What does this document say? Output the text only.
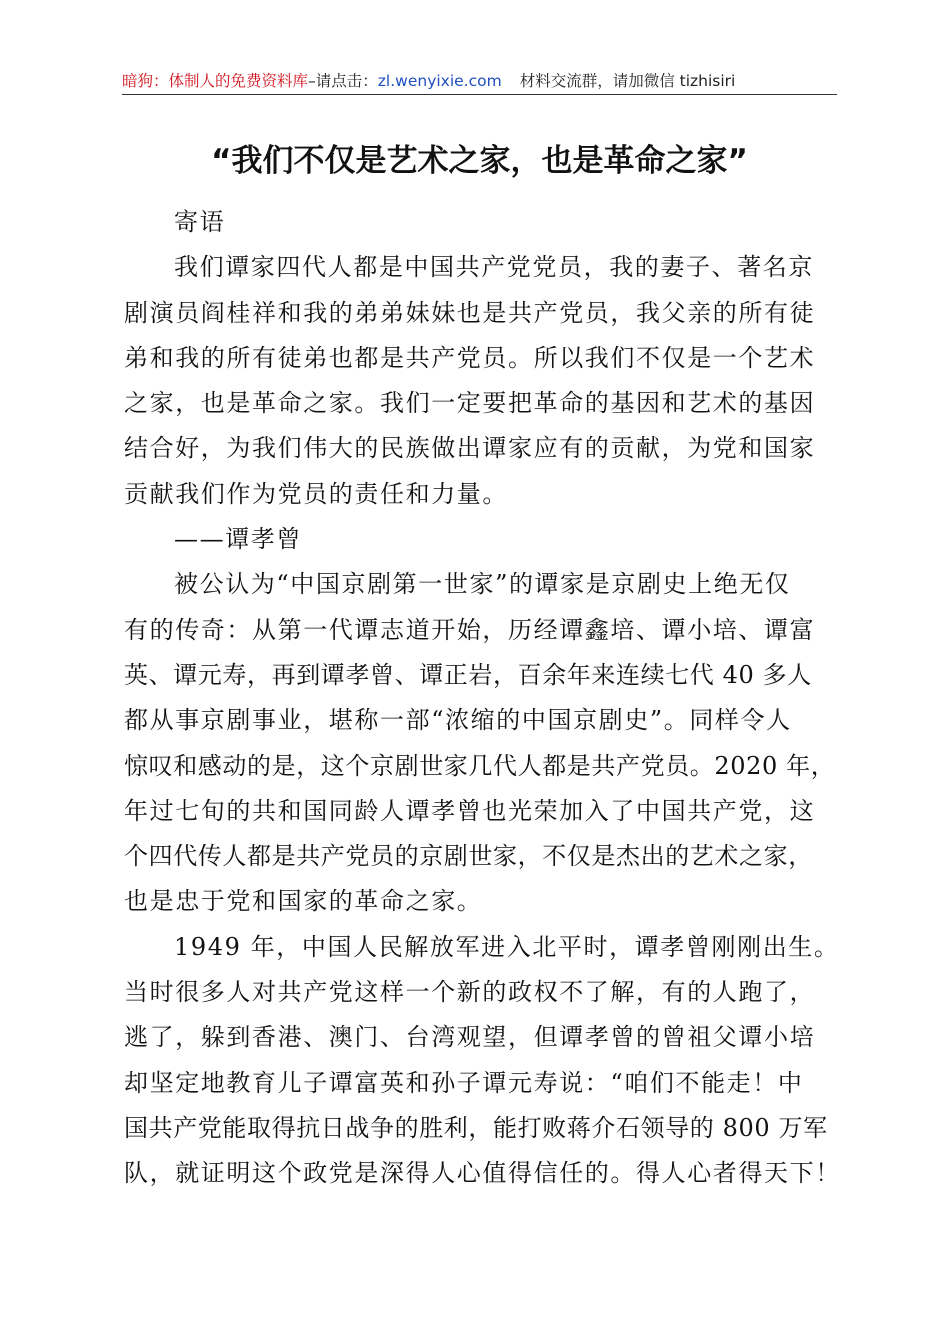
暗狗：体制人的免费资料库–请点击：zl.wenyixie.com 材料交流群，请加微信 tizhisiri
“我们不仅是艺术之家，也是革命之家”
寄语
我们谭家四代人都是中国共产党党员，我的妻子、著名京
剧演员阎桂祥和我的弟弟妹妹也是共产党员，我父亲的所有徒
弟和我的所有徒弟也都是共产党员。所以我们不仅是一个艺术
之家，也是革命之家。我们一定要把革命的基因和艺术的基因
结合好，为我们伟大的民族做出谭家应有的贡献，为党和国家
贡献我们作为党员的责任和力量。
——谭孝曾
被公认为“中国京剧第一世家”的谭家是京剧史上绝无仅
有的传奇：从第一代谭志道开始，历经谭鑫培、谭小培、谭富
英、谭元寿，再到谭孝曾、谭正岩，百余年来连续七代 40 多人
都从事京剧事业，堪称一部“浓缩的中国京剧史”。同样令人
惊叹和感动的是，这个京剧世家几代人都是共产党员。2020 年，
年过七旬的共和国同龄人谭孝曾也光荣加入了中国共产党，这
个四代传人都是共产党员的京剧世家，不仅是杰出的艺术之家，
也是忠于党和国家的革命之家。
1949 年，中国人民解放军进入北平时，谭孝曾刚刚出生。
当时很多人对共产党这样一个新的政权不了解，有的人跑了，
逃了，躲到香港、澳门、台湾观望，但谭孝曾的曾祖父谭小培
却坚定地教育儿子谭富英和孙子谭元寿说：“咱们不能走！中
国共产党能取得抗日战争的胜利，能打败蒋介石领导的 800 万军
队，就证明这个政党是深得人心值得信任的。得人心者得天下！
